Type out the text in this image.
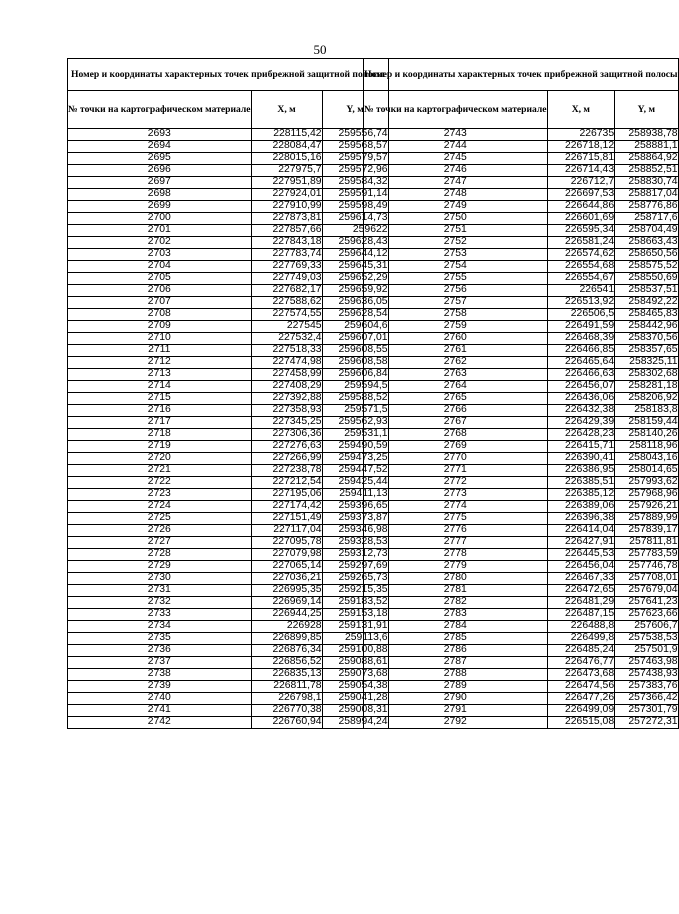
50
Номер и координаты характерных точек прибрежной защитной полосы		
№ точки на картографическом материале	X, м	Y, м
2693	228115,42	259556,74
2694	228084,47	259568,57
2695	228015,16	259579,57
2696	227975,7	259572,96
2697	227951,89	259584,32
2698	227924,01	259591,14
2699	227910,99	259598,49
2700	227873,81	259614,73
2701	227857,66	259622
2702	227843,18	259628,43
2703	227783,74	259644,12
2704	227769,33	259645,31
2705	227749,03	259652,29
2706	227682,17	259659,92
2707	227588,62	259636,05
2708	227574,55	259628,54
2709	227545	259604,6
2710	227532,4	259607,01
2711	227518,33	259608,55
2712	227474,98	259608,58
2713	227458,99	259606,84
2714	227408,29	259594,5
2715	227392,88	259588,52
2716	227358,93	259571,5
2717	227345,25	259562,93
2718	227306,36	259531,1
2719	227276,63	259490,59
2720	227266,99	259473,25
2721	227238,78	259447,52
2722	227212,54	259425,44
2723	227195,06	259411,13
2724	227174,42	259396,65
2725	227151,49	259373,87
2726	227117,04	259346,98
2727	227095,78	259328,53
2728	227079,98	259312,73
2729	227065,14	259297,69
2730	227036,21	259265,73
2731	226995,35	259215,35
2732	226969,14	259183,52
2733	226944,25	259153,18
2734	226928	259131,91
2735	226899,85	259113,6
2736	226876,34	259100,88
2737	226856,52	259088,61
2738	226835,13	259073,68
2739	226811,78	259054,38
2740	226798,1	259041,28
2741	226770,38	259008,31
2742	226760,94	258994,24
Номер и координаты характерных точек прибрежной защитной полосы		
№ точки на картографическом материале	X, м	Y, м
2743	226735	258938,78
2744	226718,12	258881,1
2745	226715,81	258864,92
2746	226714,43	258852,51
2747	226712,7	258830,74
2748	226697,53	258817,04
2749	226644,86	258776,86
2750	226601,69	258717,6
2751	226595,34	258704,49
2752	226581,24	258663,43
2753	226574,62	258650,56
2754	226554,68	258575,52
2755	226554,67	258550,69
2756	226541	258537,51
2757	226513,92	258492,22
2758	226506,5	258465,83
2759	226491,59	258442,96
2760	226468,39	258370,56
2761	226466,85	258357,65
2762	226465,64	258325,11
2763	226466,63	258302,68
2764	226456,07	258281,18
2765	226436,06	258206,92
2766	226432,38	258183,8
2767	226429,39	258159,44
2768	226428,23	258140,26
2769	226415,71	258118,96
2770	226390,41	258043,16
2771	226386,95	258014,65
2772	226385,51	257993,62
2773	226385,12	257968,96
2774	226389,06	257926,21
2775	226396,38	257889,99
2776	226414,04	257839,17
2777	226427,91	257811,81
2778	226445,53	257783,59
2779	226456,04	257746,78
2780	226467,33	257708,01
2781	226472,65	257679,04
2782	226481,29	257641,23
2783	226487,15	257623,66
2784	226488,8	257606,7
2785	226499,8	257538,53
2786	226485,24	257501,9
2787	226476,77	257463,98
2788	226473,68	257438,93
2789	226474,56	257383,76
2790	226477,26	257366,42
2791	226499,09	257301,79
2792	226515,08	257272,31
